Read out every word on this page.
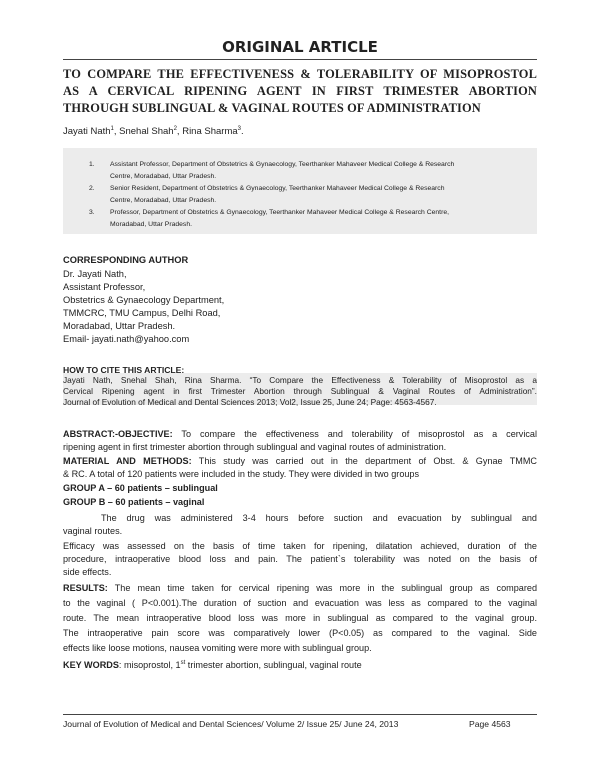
ORIGINAL ARTICLE
TO COMPARE THE EFFECTIVENESS & TOLERABILITY OF MISOPROSTOL
AS A CERVICAL RIPENING AGENT IN FIRST TRIMESTER ABORTION
THROUGH SUBLINGUAL & VAGINAL ROUTES OF ADMINISTRATION
Jayati Nath$^1$, Snehal Shah$^2$, Rina Sharma$^3$.
1. Assistant Professor, Department of Obstetrics & Gynaecology, Teerthanker Mahaveer Medical College & Research
Centre, Moradabad, Uttar Pradesh.
2. Senior Resident, Department of Obstetrics & Gynaecology, Teerthanker Mahaveer Medical College & Research
Centre, Moradabad, Uttar Pradesh.
3. Professor, Department of Obstetrics & Gynaecology, Teerthanker Mahaveer Medical College & Research Centre,
Moradabad, Uttar Pradesh.
CORRESPONDING AUTHOR
Dr. Jayati Nath,
Assistant Professor,
Obstetrics & Gynaecology Department,
TMMCRC, TMU Campus, Delhi Road,
Moradabad, Uttar Pradesh.
Email- jayati.nath@yahoo.com
HOW TO CITE THIS ARTICLE:
Jayati Nath, Snehal Shah, Rina Sharma. “To Compare the Effectiveness & Tolerability of Misoprostol as a
Cervical Ripening agent in first Trimester Abortion through Sublingual & Vaginal Routes of Administration”.
Journal of Evolution of Medical and Dental Sciences 2013; Vol2, Issue 25, June 24; Page: 4563-4567.
ABSTRACT:-OBJECTIVE: To compare the effectiveness and tolerability of misoprostol as a cervical
ripening agent in first trimester abortion through sublingual and vaginal routes of administration.
MATERIAL AND METHODS: This study was carried out in the department of Obst. & Gynae TMMC
& RC. A total of 120 patients were included in the study. They were divided in two groups
GROUP A – 60 patients – sublingual
GROUP B – 60 patients – vaginal
The drug was administered 3-4 hours before suction and evacuation by sublingual and
vaginal routes.
Efficacy was assessed on the basis of time taken for ripening, dilatation achieved, duration of the
procedure, intraoperative blood loss and pain. The patient`s tolerability was noted on the basis of
side effects.
RESULTS: The mean time taken for cervical ripening was more in the sublingual group as compared
to the vaginal ( P<0.001).The duration of suction and evacuation was less as compared to the vaginal
route. The mean intraoperative blood loss was more in sublingual as compared to the vaginal group.
The intraoperative pain score was comparatively lower (P<0.05) as compared to the vaginal. Side
effects like loose motions, nausea vomiting were more with sublingual group.
KEY WORDS: misoprostol, 1st trimester abortion, sublingual, vaginal route
Journal of Evolution of Medical and Dental Sciences/ Volume 2/ Issue 25/ June 24, 2013	Page 4563
